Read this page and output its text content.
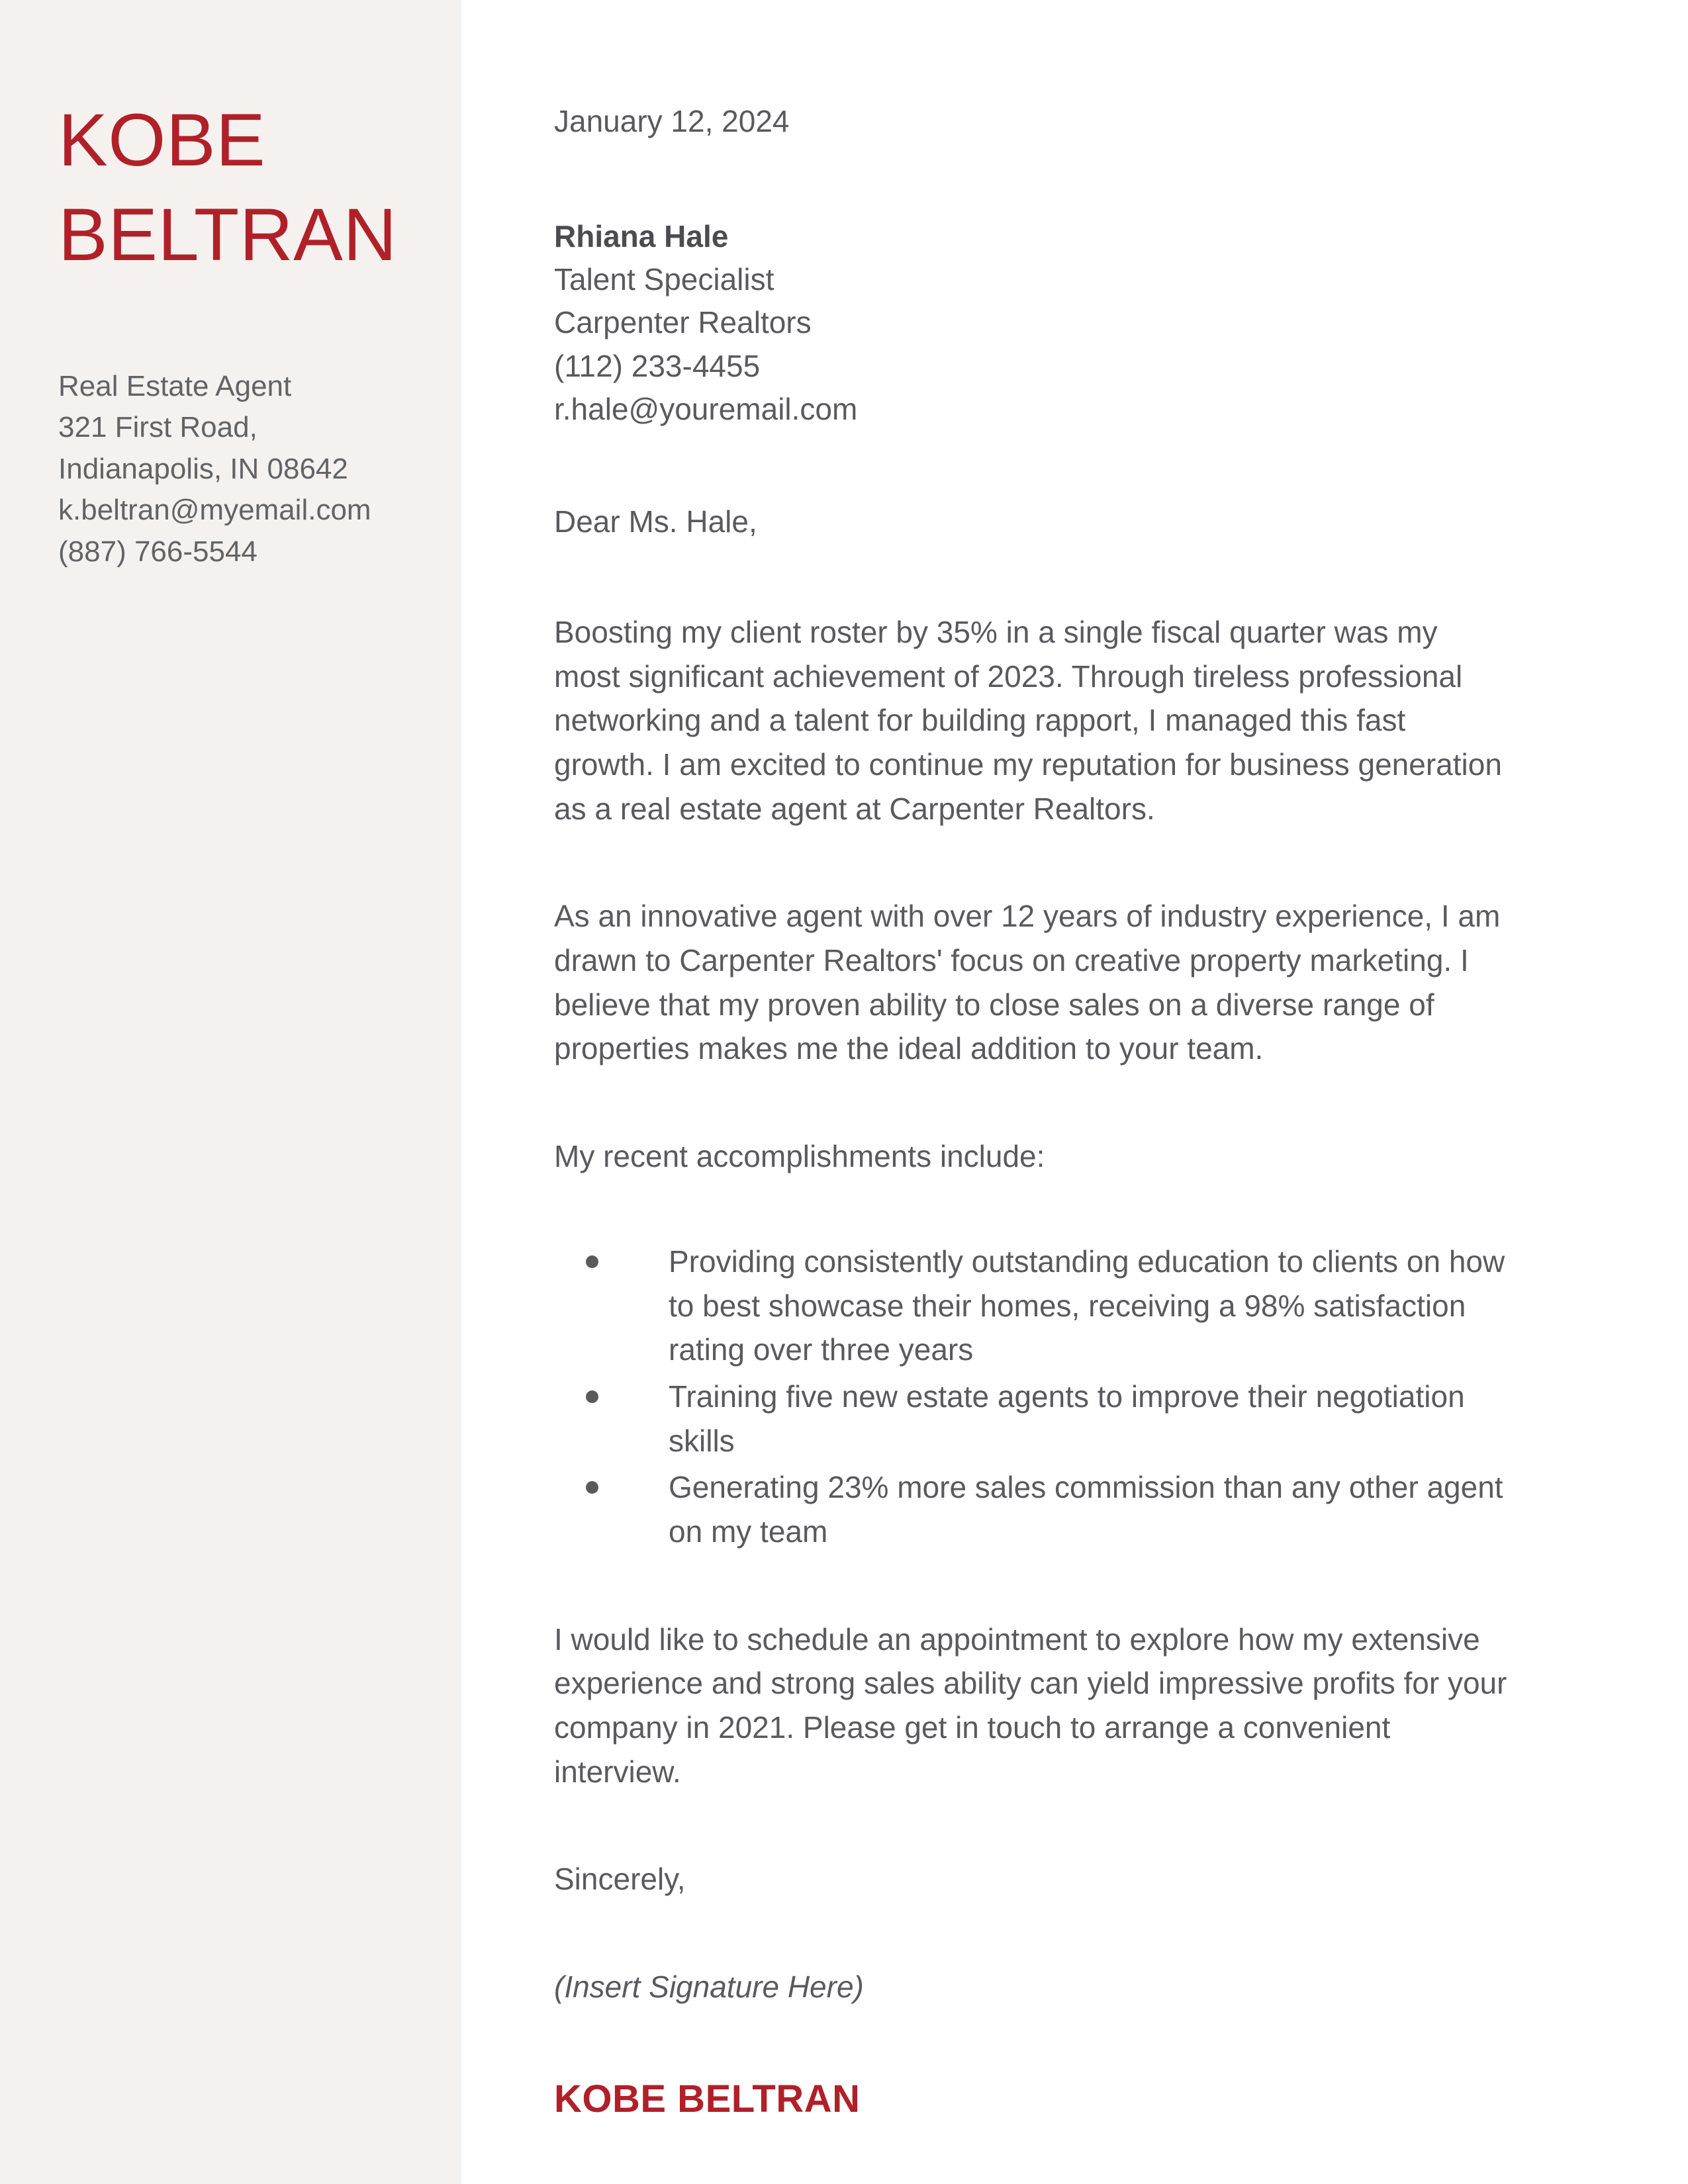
KOBE
BELTRAN
Real Estate Agent
321 First Road,
Indianapolis, IN 08642
k.beltran@myemail.com
(887) 766-5544

January 12, 2024

Rhiana Hale
Talent Specialist
Carpenter Realtors
(112) 233-4455
r.hale@youremail.com

Dear Ms. Hale,

Boosting my client roster by 35% in a single fiscal quarter was my most significant achievement of 2023. Through tireless professional networking and a talent for building rapport, I managed this fast growth. I am excited to continue my reputation for business generation as a real estate agent at Carpenter Realtors.

As an innovative agent with over 12 years of industry experience, I am drawn to Carpenter Realtors' focus on creative property marketing. I believe that my proven ability to close sales on a diverse range of properties makes me the ideal addition to your team.

My recent accomplishments include:

Providing consistently outstanding education to clients on how to best showcase their homes, receiving a 98% satisfaction rating over three years
Training five new estate agents to improve their negotiation skills
Generating 23% more sales commission than any other agent on my team

I would like to schedule an appointment to explore how my extensive experience and strong sales ability can yield impressive profits for your company in 2021. Please get in touch to arrange a convenient interview.

Sincerely,

(Insert Signature Here)

KOBE BELTRAN
